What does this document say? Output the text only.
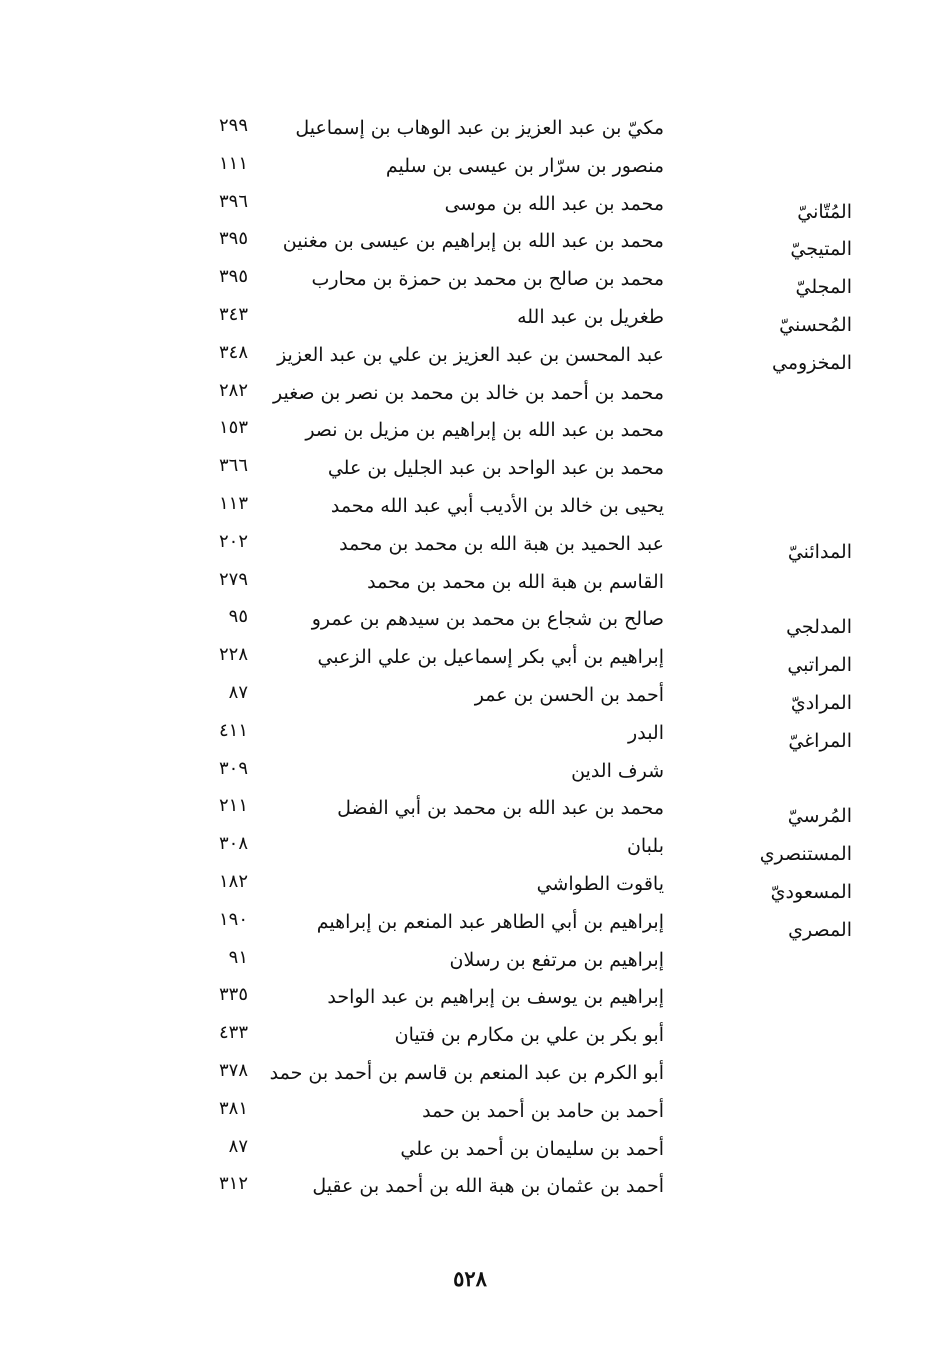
مكيّ بن عبد العزيز بن عبد الوهاب بن إسماعيل
٢٩٩
منصور بن سرّار بن عيسى بن سليم
١١١
المُتّانيّ
محمد بن عبد الله بن موسى
٣٩٦
المتيجيّ
محمد بن عبد الله بن إبراهيم بن عيسى بن مغنين
٣٩٥
المجليّ
محمد بن صالح بن محمد بن حمزة بن محارب
٣٩٥
المُحسنيّ
طغريل بن عبد الله
٣٤٣
المخزومي
عبد المحسن بن عبد العزيز بن علي بن عبد العزيز
٣٤٨
محمد بن أحمد بن خالد بن محمد بن نصر بن صغير
٢٨٢
محمد بن عبد الله بن إبراهيم بن مزيل بن نصر
١٥٣
محمد بن عبد الواحد بن عبد الجليل بن علي
٣٦٦
يحيى بن خالد بن الأديب أبي عبد الله محمد
١١٣
المدائنيّ
عبد الحميد بن هبة الله بن محمد بن محمد
٢٠٢
القاسم بن هبة الله بن محمد بن محمد
٢٧٩
المدلجي
صالح بن شجاع بن محمد بن سيدهم بن عمرو
٩٥
المراتبي
إبراهيم بن أبي بكر إسماعيل بن علي الزعبي
٢٢٨
المراديّ
أحمد بن الحسن بن عمر
٨٧
المراغيّ
البدر
٤١١
شرف الدين
٣٠٩
المُرسيّ
محمد بن عبد الله بن محمد بن أبي الفضل
٢١١
المستنصري
بلبان
٣٠٨
المسعوديّ
ياقوت الطواشي
١٨٢
المصري
إبراهيم بن أبي الطاهر عبد المنعم بن إبراهيم
١٩٠
إبراهيم بن مرتفع بن رسلان
٩١
إبراهيم بن يوسف بن إبراهيم بن عبد الواحد
٣٣٥
أبو بكر بن علي بن مكارم بن فتيان
٤٣٣
أبو الكرم بن عبد المنعم بن قاسم بن أحمد بن حمد
٣٧٨
أحمد بن حامد بن أحمد بن حمد
٣٨١
أحمد بن سليمان بن أحمد بن علي
٨٧
أحمد بن عثمان بن هبة الله بن أحمد بن عقيل
٣١٢
٥٢٨
